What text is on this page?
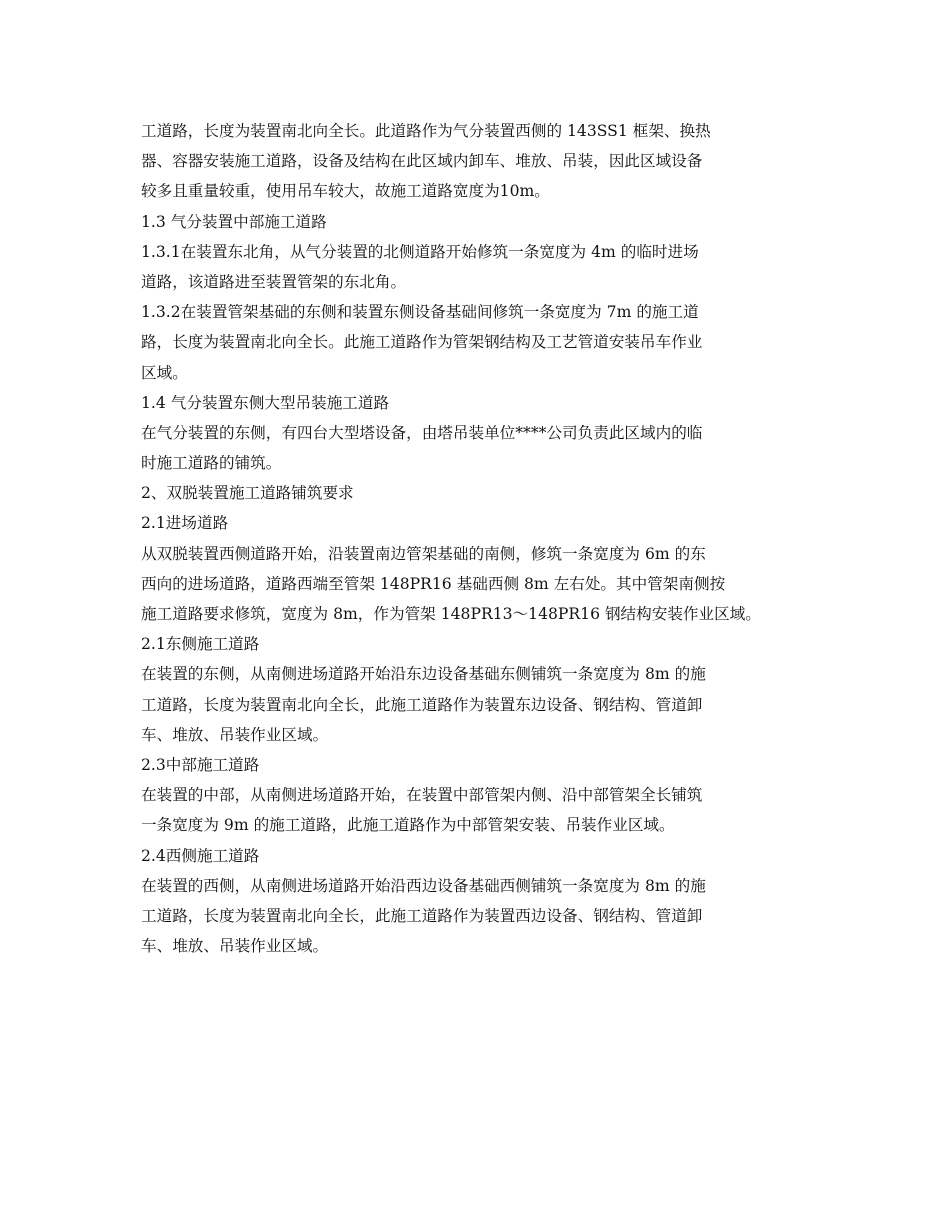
工道路，长度为装置南北向全长。此道路作为气分装置西侧的 143SS1 框架、换热
器、容器安装施工道路，设备及结构在此区域内卸车、堆放、吊装，因此区域设备
较多且重量较重，使用吊车较大，故施工道路宽度为10m。
1.3 气分装置中部施工道路
1.3.1在装置东北角，从气分装置的北侧道路开始修筑一条宽度为 4m 的临时进场
道路，该道路进至装置管架的东北角。
1.3.2在装置管架基础的东侧和装置东侧设备基础间修筑一条宽度为 7m 的施工道
路，长度为装置南北向全长。此施工道路作为管架钢结构及工艺管道安装吊车作业
区域。
1.4 气分装置东侧大型吊装施工道路
在气分装置的东侧，有四台大型塔设备，由塔吊装单位****公司负责此区域内的临
时施工道路的铺筑。
2、双脱装置施工道路铺筑要求
2.1进场道路
从双脱装置西侧道路开始，沿装置南边管架基础的南侧，修筑一条宽度为 6m 的东
西向的进场道路，道路西端至管架 148PR16 基础西侧 8m 左右处。其中管架南侧按
施工道路要求修筑，宽度为 8m，作为管架 148PR13～148PR16 钢结构安装作业区域。
2.1东侧施工道路
在装置的东侧，从南侧进场道路开始沿东边设备基础东侧铺筑一条宽度为 8m 的施
工道路，长度为装置南北向全长，此施工道路作为装置东边设备、钢结构、管道卸
车、堆放、吊装作业区域。
2.3中部施工道路
在装置的中部，从南侧进场道路开始，在装置中部管架内侧、沿中部管架全长铺筑
一条宽度为 9m 的施工道路，此施工道路作为中部管架安装、吊装作业区域。
2.4西侧施工道路
在装置的西侧，从南侧进场道路开始沿西边设备基础西侧铺筑一条宽度为 8m 的施
工道路，长度为装置南北向全长，此施工道路作为装置西边设备、钢结构、管道卸
车、堆放、吊装作业区域。
